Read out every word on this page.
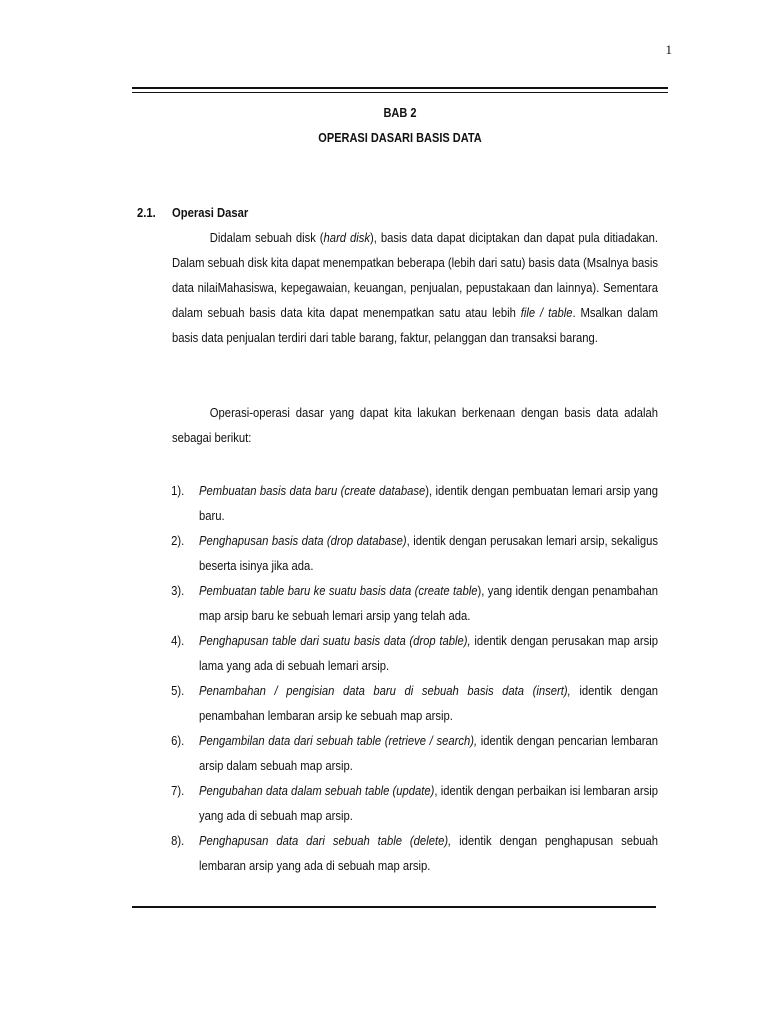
1
BAB 2
OPERASI DASARI BASIS DATA
2.1. Operasi Dasar
Didalam sebuah disk (hard disk), basis data dapat diciptakan dan dapat pula ditiadakan. Dalam sebuah disk kita dapat menempatkan beberapa (lebih dari satu) basis data (Msalnya basis data nilaiMahasiswa, kepegawaian, keuangan, penjualan, pepustakaan dan lainnya). Sementara dalam sebuah basis data kita dapat menempatkan satu atau lebih file / table. Msalkan dalam basis data penjualan terdiri dari table barang, faktur, pelanggan dan transaksi barang.
Operasi-operasi dasar yang dapat kita lakukan berkenaan dengan basis data adalah sebagai berikut:
1). Pembuatan basis data baru (create database), identik dengan pembuatan lemari arsip yang baru.
2). Penghapusan basis data (drop database), identik dengan perusakan lemari arsip, sekaligus beserta isinya jika ada.
3). Pembuatan table baru ke suatu basis data (create table), yang identik dengan penambahan map arsip baru ke sebuah lemari arsip yang telah ada.
4). Penghapusan table dari suatu basis data (drop table), identik dengan perusakan map arsip lama yang ada di sebuah lemari arsip.
5). Penambahan / pengisian data baru di sebuah basis data (insert), identik dengan penambahan lembaran arsip ke sebuah map arsip.
6). Pengambilan data dari sebuah table (retrieve / search), identik dengan pencarian lembaran arsip dalam sebuah map arsip.
7). Pengubahan data dalam sebuah table (update), identik dengan perbaikan isi lembaran arsip yang ada di sebuah map arsip.
8). Penghapusan data dari sebuah table (delete), identik dengan penghapusan sebuah lembaran arsip yang ada di sebuah map arsip.
